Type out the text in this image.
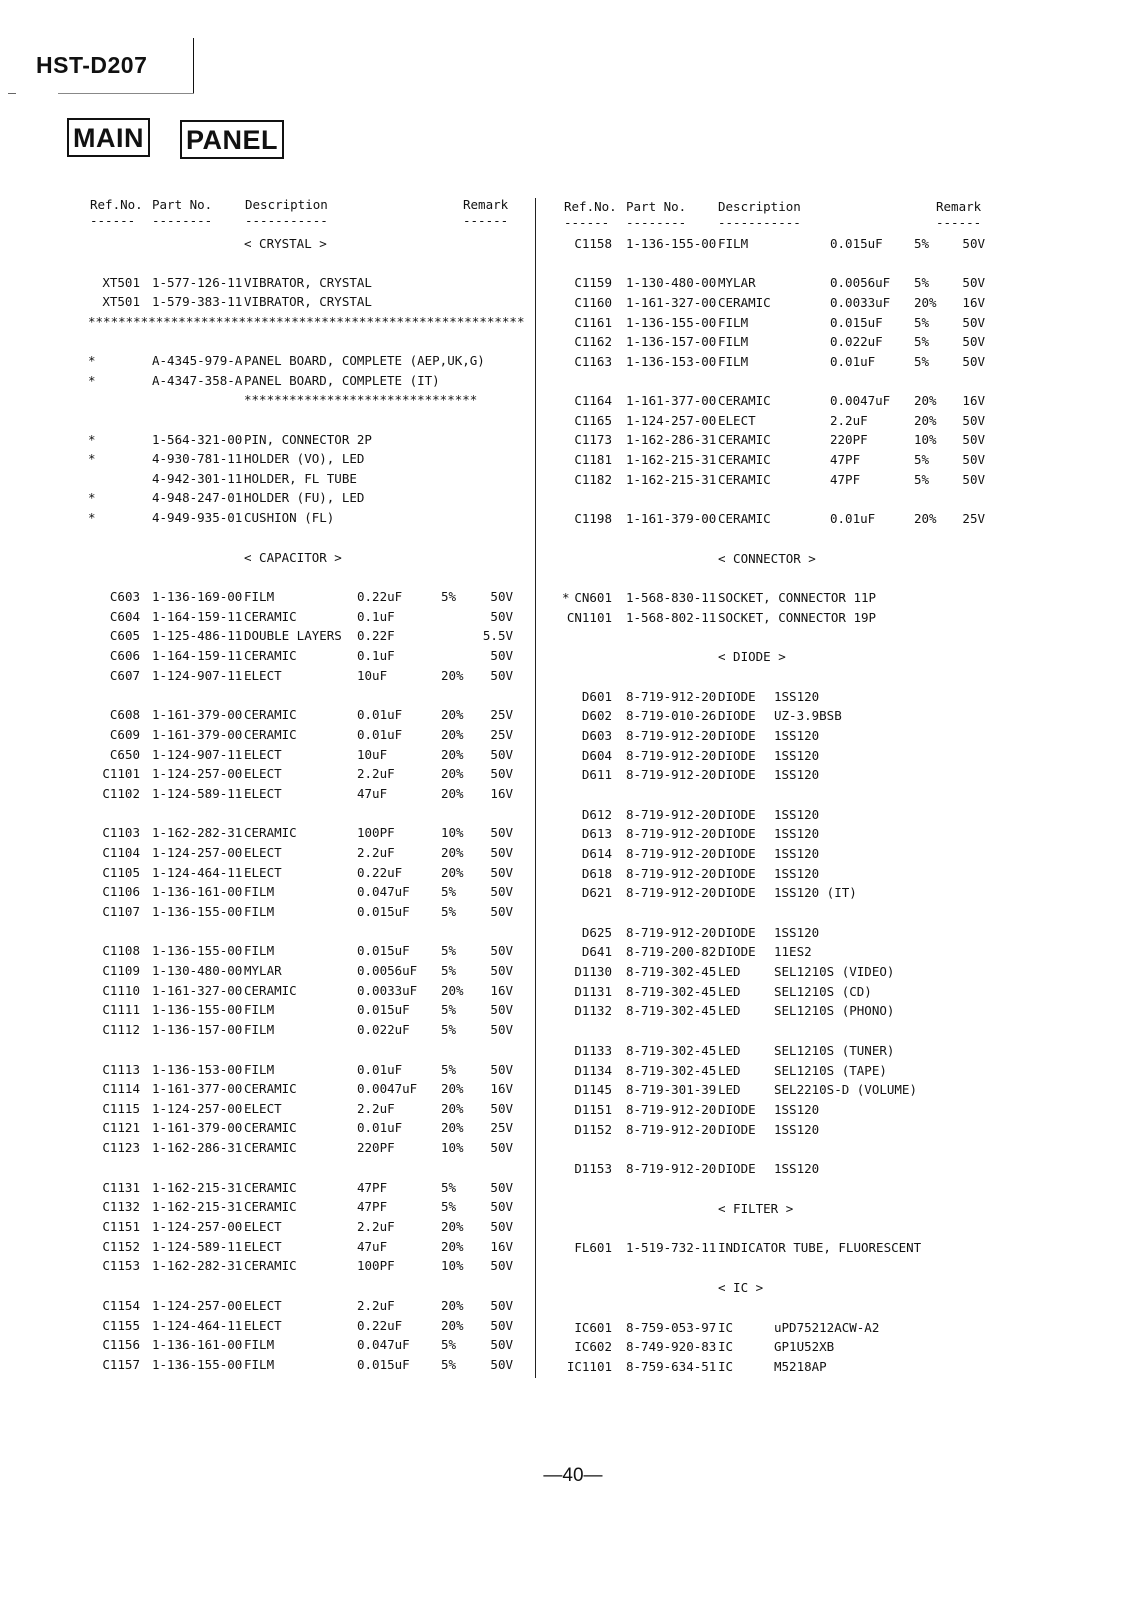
HST-D207
MAIN PANEL
Ref.No. Part No.	Description	Remark
------ --------	-----------	------
< CRYSTAL >
XT501 1-577-126-11 VIBRATOR, CRYSTAL
XT501 1-579-383-11 VIBRATOR, CRYSTAL
**********************************************************
*	A-4345-979-A PANEL BOARD, COMPLETE (AEP,UK,G)
*	A-4347-358-A PANEL BOARD, COMPLETE (IT)
*******************************
*	1-564-321-00 PIN, CONNECTOR 2P
*	4-930-781-11 HOLDER (VO), LED
4-942-301-11 HOLDER, FL TUBE
*	4-948-247-01 HOLDER (FU), LED
*	4-949-935-01 CUSHION (FL)
< CAPACITOR >
C603 1-136-169-00 FILM	0.22uF	5%	50V
C604 1-164-159-11 CERAMIC	0.1uF	50V
C605 1-125-486-11 DOUBLE LAYERS 0.22F	5.5V
C606 1-164-159-11 CERAMIC	0.1uF	50V
C607 1-124-907-11 ELECT	10uF	20% 50V
C608 1-161-379-00 CERAMIC	0.01uF	20% 25V
C609 1-161-379-00 CERAMIC	0.01uF	20% 25V
C650 1-124-907-11 ELECT	10uF	20% 50V
C1101 1-124-257-00 ELECT	2.2uF	20% 50V
C1102 1-124-589-11 ELECT	47uF	20% 16V
C1103 1-162-282-31 CERAMIC	100PF	10% 50V
C1104 1-124-257-00 ELECT	2.2uF	20% 50V
C1105 1-124-464-11 ELECT	0.22uF	20% 50V
C1106 1-136-161-00 FILM	0.047uF	5%	50V
C1107 1-136-155-00 FILM	0.015uF	5%	50V
C1108 1-136-155-00 FILM	0.015uF	5%	50V
C1109 1-130-480-00 MYLAR	0.0056uF 5%	50V
C1110 1-161-327-00 CERAMIC	0.0033uF 20% 16V
C1111 1-136-155-00 FILM	0.015uF	5%	50V
C1112 1-136-157-00 FILM	0.022uF	5%	50V
C1113 1-136-153-00 FILM	0.01uF	5%	50V
C1114 1-161-377-00 CERAMIC	0.0047uF 20% 16V
C1115 1-124-257-00 ELECT	2.2uF	20% 50V
C1121 1-161-379-00 CERAMIC	0.01uF	20% 25V
C1123 1-162-286-31 CERAMIC	220PF	10% 50V
C1131 1-162-215-31 CERAMIC	47PF	5%	50V
C1132 1-162-215-31 CERAMIC	47PF	5%	50V
C1151 1-124-257-00 ELECT	2.2uF	20% 50V
C1152 1-124-589-11 ELECT	47uF	20% 16V
C1153 1-162-282-31 CERAMIC	100PF	10% 50V
C1154 1-124-257-00 ELECT	2.2uF	20% 50V
C1155 1-124-464-11 ELECT	0.22uF	20% 50V
C1156 1-136-161-00 FILM	0.047uF	5%	50V
C1157 1-136-155-00 FILM	0.015uF	5%	50V
Ref.No. Part No.	Description	Remark
------ --------	-----------	------
C1158 1-136-155-00 FILM	0.015uF	5%	50V
C1159 1-130-480-00 MYLAR	0.0056uF 5%	50V
C1160 1-161-327-00 CERAMIC	0.0033uF 20% 16V
C1161 1-136-155-00 FILM	0.015uF	5%	50V
C1162 1-136-157-00 FILM	0.022uF	5%	50V
C1163 1-136-153-00 FILM	0.01uF	5%	50V
C1164 1-161-377-00 CERAMIC	0.0047uF 20% 16V
C1165 1-124-257-00 ELECT	2.2uF	20% 50V
C1173 1-162-286-31 CERAMIC	220PF	10% 50V
C1181 1-162-215-31 CERAMIC	47PF	5%	50V
C1182 1-162-215-31 CERAMIC	47PF	5%	50V
C1198 1-161-379-00 CERAMIC	0.01uF	20% 25V
< CONNECTOR >
* CN601 1-568-830-11 SOCKET, CONNECTOR 11P
CN1101 1-568-802-11 SOCKET, CONNECTOR 19P
< DIODE >
D601 8-719-912-20 DIODE 1SS120
D602 8-719-010-26 DIODE UZ-3.9BSB
D603 8-719-912-20 DIODE 1SS120
D604 8-719-912-20 DIODE 1SS120
D611 8-719-912-20 DIODE 1SS120
D612 8-719-912-20 DIODE 1SS120
D613 8-719-912-20 DIODE 1SS120
D614 8-719-912-20 DIODE 1SS120
D618 8-719-912-20 DIODE 1SS120
D621 8-719-912-20 DIODE 1SS120 (IT)
D625 8-719-912-20 DIODE 1SS120
D641 8-719-200-82 DIODE 11ES2
D1130 8-719-302-45 LED	SEL1210S (VIDEO)
D1131 8-719-302-45 LED	SEL1210S (CD)
D1132 8-719-302-45 LED	SEL1210S (PHONO)
D1133 8-719-302-45 LED	SEL1210S (TUNER)
D1134 8-719-302-45 LED	SEL1210S (TAPE)
D1145 8-719-301-39 LED	SEL2210S-D (VOLUME)
D1151 8-719-912-20 DIODE 1SS120
D1152 8-719-912-20 DIODE 1SS120
D1153 8-719-912-20 DIODE 1SS120
< FILTER >
FL601 1-519-732-11 INDICATOR TUBE, FLUORESCENT
< IC >
IC601 8-759-053-97 IC	uPD75212ACW-A2
IC602 8-749-920-83 IC	GP1U52XB
IC1101 8-759-634-51 IC	M5218AP
—40—
